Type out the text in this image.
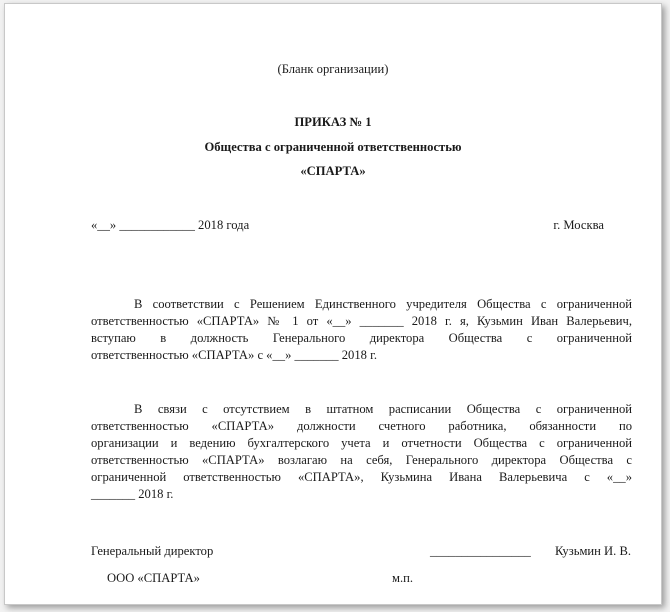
(Бланк организации)
ПРИКАЗ № 1
Общества с ограниченной ответственностью
«СПАРТА»
«__» ____________ 2018 года	г. Москва
В соответствии с Решением Единственного учредителя Общества с ограниченной
ответственностью «СПАРТА» № 1 от «__» _______ 2018 г. я, Кузьмин Иван Валерьевич,
вступаю в должность Генерального директора Общества с ограниченной
ответственностью «СПАРТА» с «__» _______ 2018 г.
В связи с отсутствием в штатном расписании Общества с ограниченной
ответственностью «СПАРТА» должности счетного работника, обязанности по
организации и ведению бухгалтерского учета и отчетности Общества с ограниченной
ответственностью «СПАРТА» возлагаю на себя, Генерального директора Общества с
ограниченной ответственностью «СПАРТА», Кузьмина Ивана Валерьевича с «__»
_______ 2018 г.
Генеральный директор	________________ Кузьмин И. В.
ООО «СПАРТА»	м.п.
